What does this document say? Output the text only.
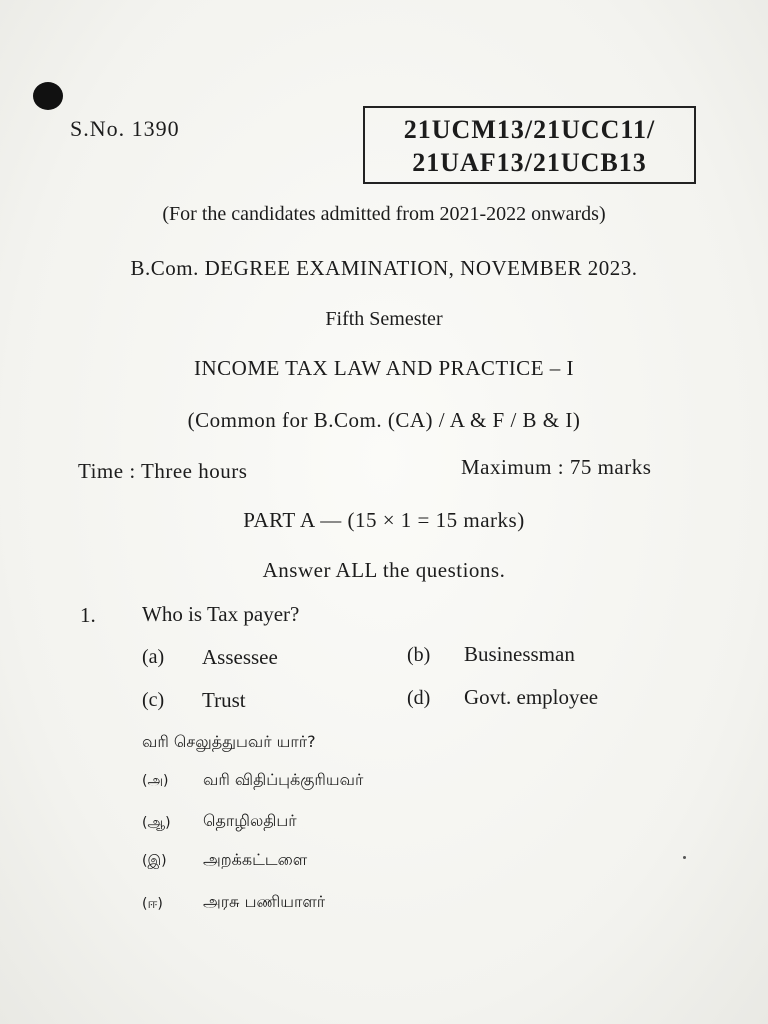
S.No. 1390	21UCM13/21UCC11/
21UAF13/21UCB13
(For the candidates admitted from 2021-2022 onwards)
B.Com. DEGREE EXAMINATION, NOVEMBER 2023.
Fifth Semester
INCOME TAX LAW AND PRACTICE – I
(Common for B.Com. (CA) / A & F / B & I)
Time : Three hours	Maximum : 75 marks
PART A — (15 × 1 = 15 marks)
Answer ALL the questions.
1. Who is Tax payer?
(a) Assessee	(b) Businessman
(c) Trust	(d) Govt. employee
வரி செலுத்துபவர் யார்?
(அ) வரி விதிப்புக்குரியவர்
(ஆ) தொழிலதிபர்
(இ) அறக்கட்டளை
(ஈ)	அரசு பணியாளர்
